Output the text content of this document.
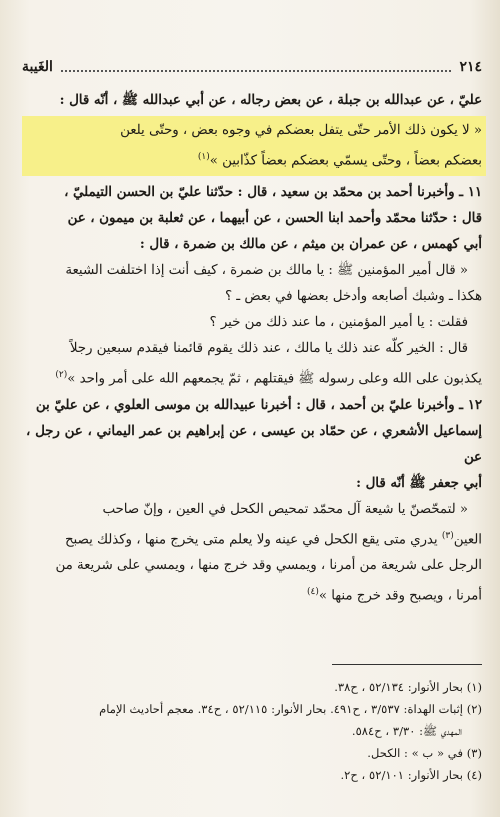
٢١٤
الغَيبة

عليّ ، عن عبدالله بن جبلة ، عن بعض رجاله ، عن أبي عبدالله ﷺ ، أنّه قال :

« لا يكون ذلك الأمر حتّى يتفل بعضكم في وجوه بعض ، وحتّى يلعن

بعضكم بعضاً ، وحتّى يسمّي بعضكم بعضاً كذّابين »$^{(١)}$

١١ ـ وأخبرنا أحمد بن محمّد بن سعيد ، قال : حدّثنا عليّ بن الحسن التيمليّ ،

قال : حدّثنا محمّد وأحمد ابنا الحسن ، عن أبيهما ، عن ثعلبة بن ميمون ، عن

أبي كهمس ، عن عمران بن ميثم ، عن مالك بن ضمرة ، قال :

« قال أمير المؤمنين ﷺ : يا مالك بن ضمرة ، كيف أنت إذا اختلفت الشيعة

هكذا ـ وشبك أصابعه وأدخل بعضها في بعض ـ ؟

فقلت : يا أمير المؤمنين ، ما عند ذلك من خير ؟

قال : الخير كلّه عند ذلك يا مالك ، عند ذلك يقوم قائمنا فيقدم سبعين رجلاً

يكذبون على الله وعلى رسوله ﷺ فيقتلهم ، ثمّ يجمعهم الله على أمر واحد »$^{(٢)}$

١٢ ـ وأخبرنا عليّ بن أحمد ، قال : أخبرنا عبيدالله بن موسى العلوي ، عن عليّ بن

إسماعيل الأشعري ، عن حمّاد بن عيسى ، عن إبراهيم بن عمر اليماني ، عن رجل ، عن

أبي جعفر ﷺ أنّه قال :

« لتمحّصنّ يا شيعة آل محمّد تمحيص الكحل في العين ، وإنّ صاحب

العين$^{(٣)}$ يدري متى يقع الكحل في عينه ولا يعلم متى يخرج منها ، وكذلك يصبح

الرجل على شريعة من أمرنا ، ويمسي وقد خرج منها ، ويمسي على شريعة من

أمرنا ، ويصبح وقد خرج منها »$^{(٤)}$

(١) بحار الأنوار: ٥٢/١٣٤ ، ح٣٨.

(٢) إثبات الهداة: ٣/٥٣٧ ، ح٤٩١. بحار الأنوار: ٥٢/١١٥ ، ح٣٤. معجم أحاديث الإمام

المهدي ﷺ: ٣/٣٠ ، ح٥٨٤.

(٣) في « ب » : الكحل.

(٤) بحار الأنوار: ٥٢/١٠١ ، ح٢.
